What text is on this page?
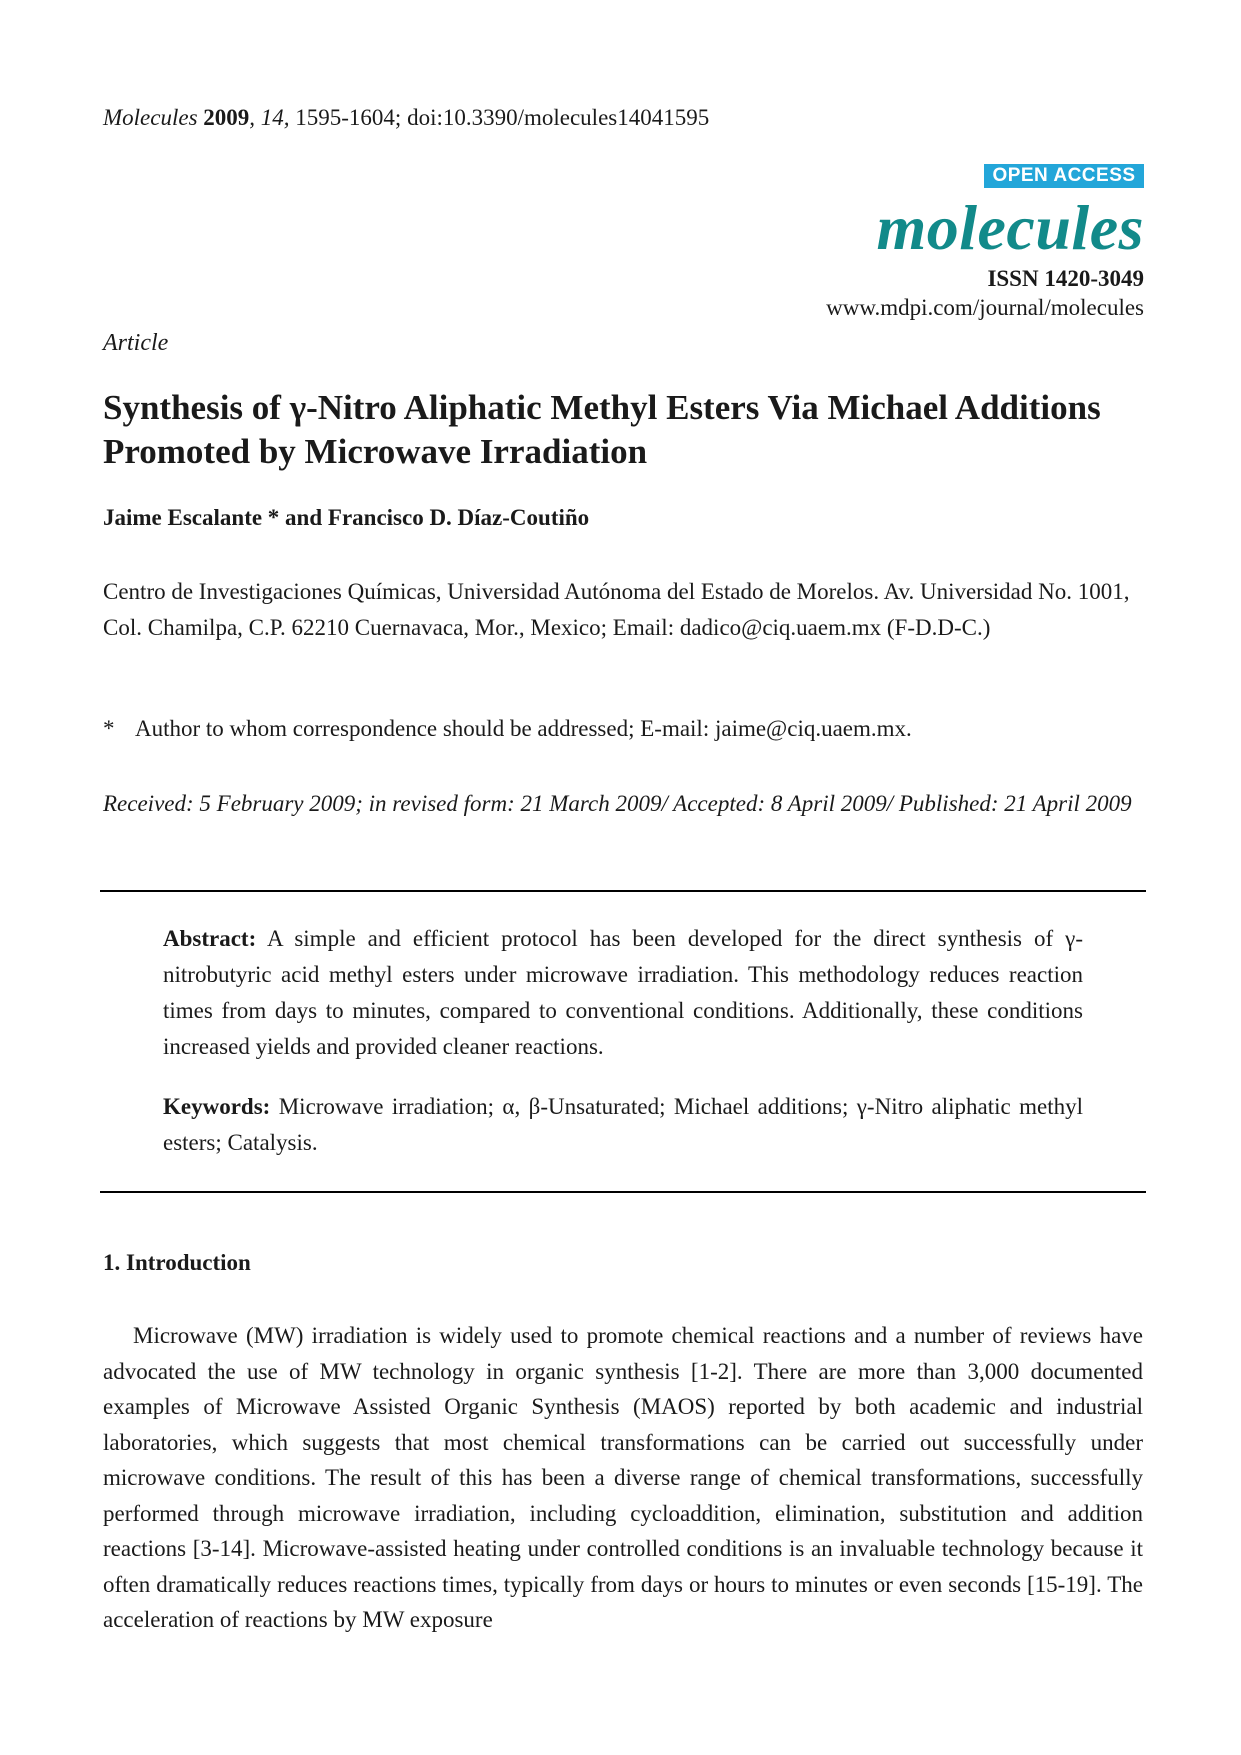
Molecules 2009, 14, 1595-1604; doi:10.3390/molecules14041595
OPEN ACCESS
molecules
ISSN 1420-3049
www.mdpi.com/journal/molecules
Article
Synthesis of γ-Nitro Aliphatic Methyl Esters Via Michael Additions Promoted by Microwave Irradiation
Jaime Escalante * and Francisco D. Díaz-Coutiño
Centro de Investigaciones Químicas, Universidad Autónoma del Estado de Morelos. Av. Universidad No. 1001, Col. Chamilpa, C.P. 62210 Cuernavaca, Mor., Mexico; Email: dadico@ciq.uaem.mx (F-D.D-C.)
* Author to whom correspondence should be addressed; E-mail: jaime@ciq.uaem.mx.
Received: 5 February 2009; in revised form: 21 March 2009/ Accepted: 8 April 2009/ Published: 21 April 2009
Abstract: A simple and efficient protocol has been developed for the direct synthesis of γ-nitrobutyric acid methyl esters under microwave irradiation. This methodology reduces reaction times from days to minutes, compared to conventional conditions. Additionally, these conditions increased yields and provided cleaner reactions.
Keywords: Microwave irradiation; α, β-Unsaturated; Michael additions; γ-Nitro aliphatic methyl esters; Catalysis.
1. Introduction

Microwave (MW) irradiation is widely used to promote chemical reactions and a number of reviews have advocated the use of MW technology in organic synthesis [1-2]. There are more than 3,000 documented examples of Microwave Assisted Organic Synthesis (MAOS) reported by both academic and industrial laboratories, which suggests that most chemical transformations can be carried out successfully under microwave conditions. The result of this has been a diverse range of chemical transformations, successfully performed through microwave irradiation, including cycloaddition, elimination, substitution and addition reactions [3-14]. Microwave-assisted heating under controlled conditions is an invaluable technology because it often dramatically reduces reactions times, typically from days or hours to minutes or even seconds [15-19]. The acceleration of reactions by MW exposure
